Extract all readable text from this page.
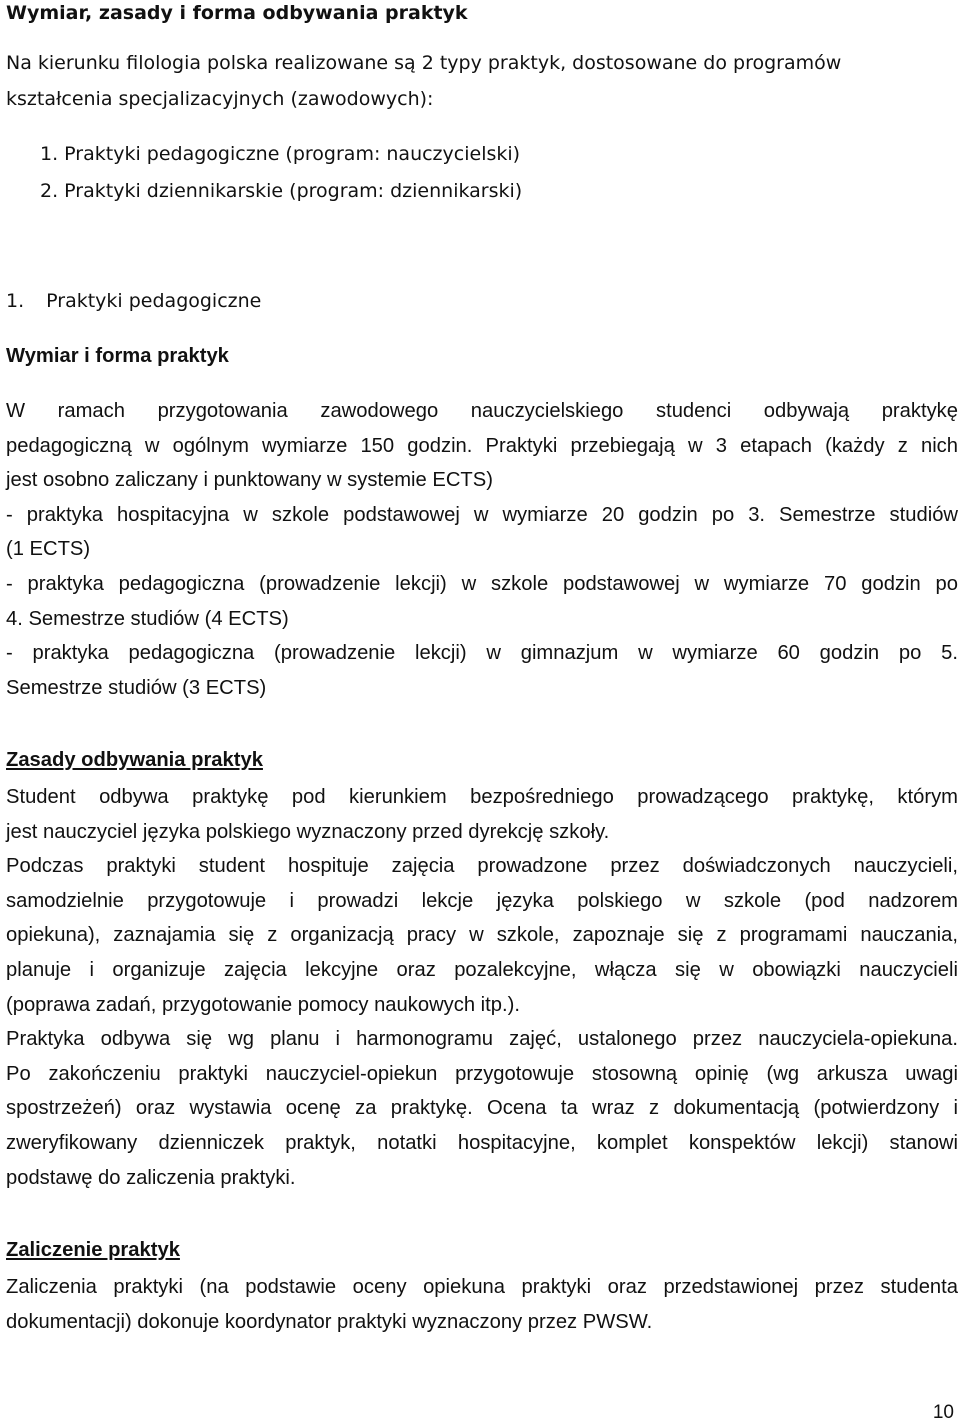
Wymiar, zasady i forma odbywania praktyk
Na kierunku filologia polska realizowane są 2 typy praktyk, dostosowane do programów
kształcenia specjalizacyjnych (zawodowych):
1. Praktyki pedagogiczne (program: nauczycielski)
2. Praktyki dziennikarskie (program: dziennikarski)
1. Praktyki pedagogiczne
Wymiar i forma praktyk
W ramach przygotowania zawodowego nauczycielskiego studenci odbywają praktykę
pedagogiczną w ogólnym wymiarze 150 godzin. Praktyki przebiegają w 3 etapach (każdy z nich
jest osobno zaliczany i punktowany w systemie ECTS)
- praktyka hospitacyjna w szkole podstawowej w wymiarze 20 godzin po 3. Semestrze studiów
(1 ECTS)
- praktyka pedagogiczna (prowadzenie lekcji) w szkole podstawowej w wymiarze 70 godzin po
4. Semestrze studiów (4 ECTS)
- praktyka pedagogiczna (prowadzenie lekcji) w gimnazjum w wymiarze 60 godzin po 5.
Semestrze studiów (3 ECTS)
Zasady odbywania praktyk
Student odbywa praktykę pod kierunkiem bezpośredniego prowadzącego praktykę, którym
jest nauczyciel języka polskiego wyznaczony przed dyrekcję szkoły.
Podczas praktyki student hospituje zajęcia prowadzone przez doświadczonych nauczycieli,
samodzielnie przygotowuje i prowadzi lekcje języka polskiego w szkole (pod nadzorem
opiekuna), zaznajamia się z organizacją pracy w szkole, zapoznaje się z programami nauczania,
planuje i organizuje zajęcia lekcyjne oraz pozalekcyjne, włącza się w obowiązki nauczycieli
(poprawa zadań, przygotowanie pomocy naukowych itp.).
Praktyka odbywa się wg planu i harmonogramu zajęć, ustalonego przez nauczyciela-opiekuna.
Po zakończeniu praktyki nauczyciel-opiekun przygotowuje stosowną opinię (wg arkusza uwagi
spostrzeżeń) oraz wystawia ocenę za praktykę. Ocena ta wraz z dokumentacją (potwierdzony i
zweryfikowany dzienniczek praktyk, notatki hospitacyjne, komplet konspektów lekcji) stanowi
podstawę do zaliczenia praktyki.
Zaliczenie praktyk
Zaliczenia praktyki (na podstawie oceny opiekuna praktyki oraz przedstawionej przez studenta
dokumentacji) dokonuje koordynator praktyki wyznaczony przez PWSW.
10
